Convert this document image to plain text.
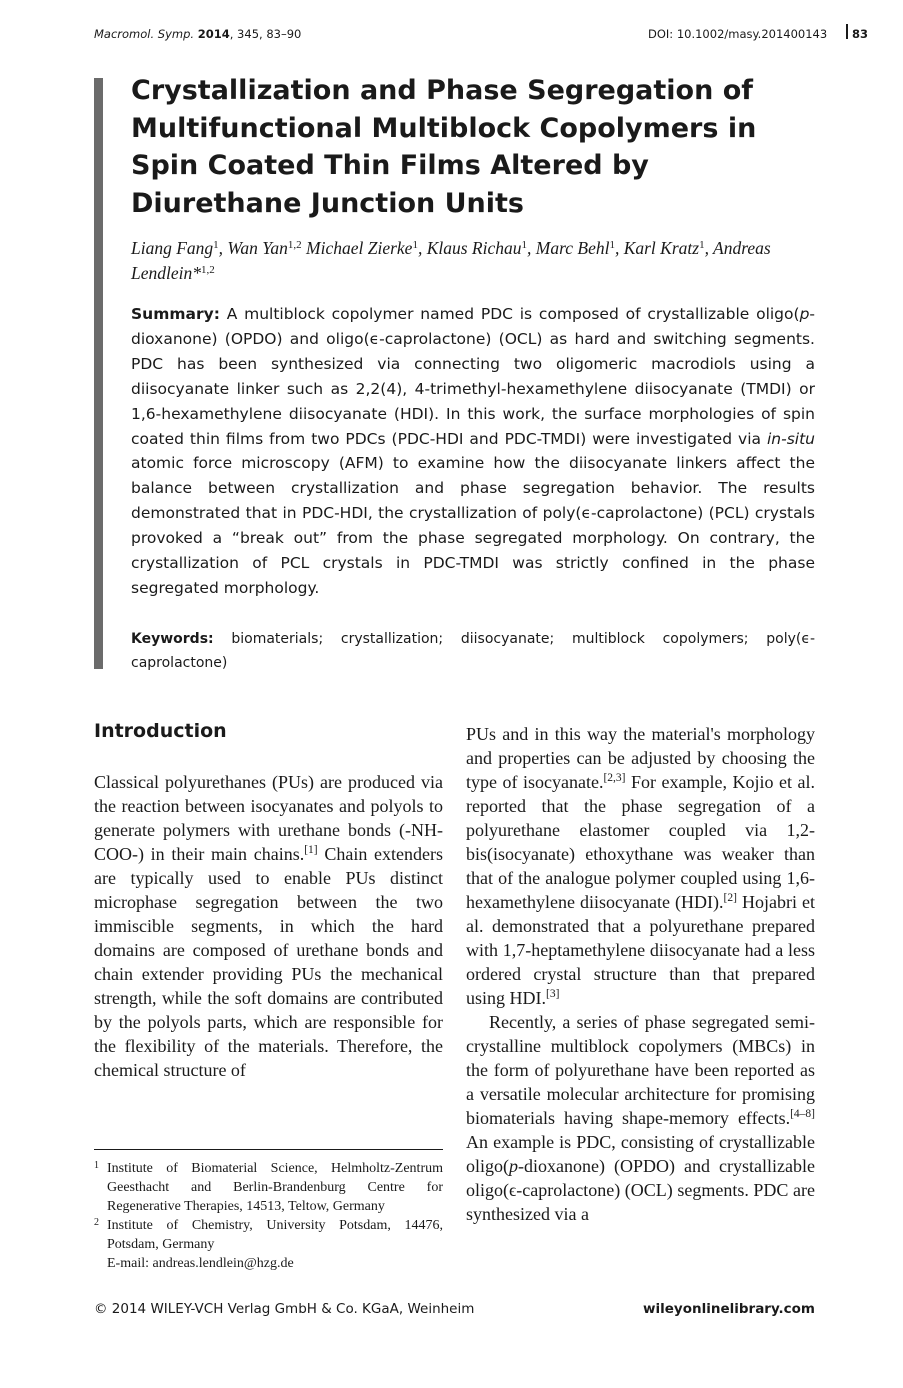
Macromol. Symp. 2014, 345, 83–90	DOI: 10.1002/masy.201400143 83
Crystallization and Phase Segregation of Multifunctional Multiblock Copolymers in Spin Coated Thin Films Altered by Diurethane Junction Units
Liang Fang$^1$, Wan Yan$^{1,2}$ Michael Zierke$^1$, Klaus Richau$^1$, Marc Behl$^1$, Karl Kratz$^1$, Andreas Lendlein*$^{1,2}$

Summary: A multiblock copolymer named PDC is composed of crystallizable oligo(p-dioxanone) (OPDO) and oligo(ϵ-caprolactone) (OCL) as hard and switching segments. PDC has been synthesized via connecting two oligomeric macrodiols using a diisocyanate linker such as 2,2(4), 4-trimethyl-hexamethylene diisocyanate (TMDI) or 1,6-hexamethylene diisocyanate (HDI). In this work, the surface morphologies of spin coated thin films from two PDCs (PDC-HDI and PDC-TMDI) were investigated via in-situ atomic force microscopy (AFM) to examine how the diisocyanate linkers affect the balance between crystallization and phase segregation behavior. The results demonstrated that in PDC-HDI, the crystallization of poly(ϵ-caprolactone) (PCL) crystals provoked a “break out” from the phase segregated morphology. On contrary, the crystallization of PCL crystals in PDC-TMDI was strictly confined in the phase segregated morphology.

Keywords: biomaterials; crystallization; diisocyanate; multiblock copolymers; poly(ϵ-caprolactone)

Introduction

Classical polyurethanes (PUs) are produced via the reaction between isocyanates and polyols to generate polymers with urethane bonds (-NH-COO-) in their main chains.[1] Chain extenders are typically used to enable PUs distinct microphase segregation between the two immiscible segments, in which the hard domains are composed of urethane bonds and chain extender providing PUs the mechanical strength, while the soft domains are contributed by the polyols parts, which are responsible for the flexibility of the materials. Therefore, the chemical structure of

PUs and in this way the material's morphology and properties can be adjusted by choosing the type of isocyanate.[2,3] For example, Kojio et al. reported that the phase segregation of a polyurethane elastomer coupled via 1,2-bis(isocyanate) ethoxythane was weaker than that of the analogue polymer coupled using 1,6-hexamethylene diisocyanate (HDI).[2] Hojabri et al. demonstrated that a polyurethane prepared with 1,7-heptamethylene diisocyanate had a less ordered crystal structure than that prepared using HDI.[3]

Recently, a series of phase segregated semi-crystalline multiblock copolymers (MBCs) in the form of polyurethane have been reported as a versatile molecular architecture for promising biomaterials having shape-memory effects.[4–8] An example is PDC, consisting of crystallizable oligo(p-dioxanone) (OPDO) and crystallizable oligo(ϵ-caprolactone) (OCL) segments. PDC are synthesized via a

1 Institute of Biomaterial Science, Helmholtz-Zentrum Geesthacht and Berlin-Brandenburg Centre for Regenerative Therapies, 14513, Teltow, Germany
2 Institute of Chemistry, University Potsdam, 14476, Potsdam, Germany
E-mail: andreas.lendlein@hzg.de
© 2014 WILEY-VCH Verlag GmbH & Co. KGaA, Weinheim	wileyonlinelibrary.com
